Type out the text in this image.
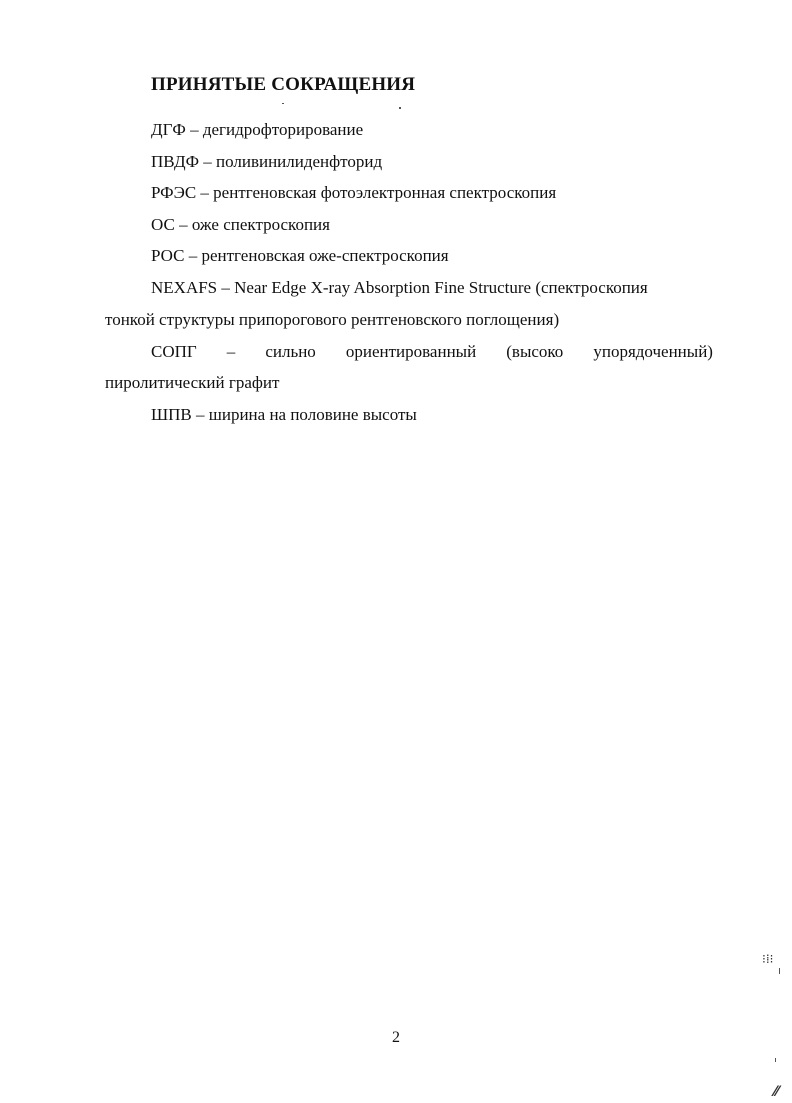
ПРИНЯТЫЕ СОКРАЩЕНИЯ
ДГФ – дегидрофторирование
ПВДФ – поливинилиденфторид
РФЭС – рентгеновская фотоэлектронная спектроскопия
ОС – оже спектроскопия
РОС – рентгеновская оже-спектроскопия
NEXAFS – Near Edge X-ray Absorption Fine Structure (спектроскопия
тонкой структуры припорогового рентгеновского поглощения)
СОПГ – сильно ориентированный (высоко упорядоченный)
пиролитический графит
ШПВ – ширина на половине высоты
2
⁝⁞⁝
⁄⁄
